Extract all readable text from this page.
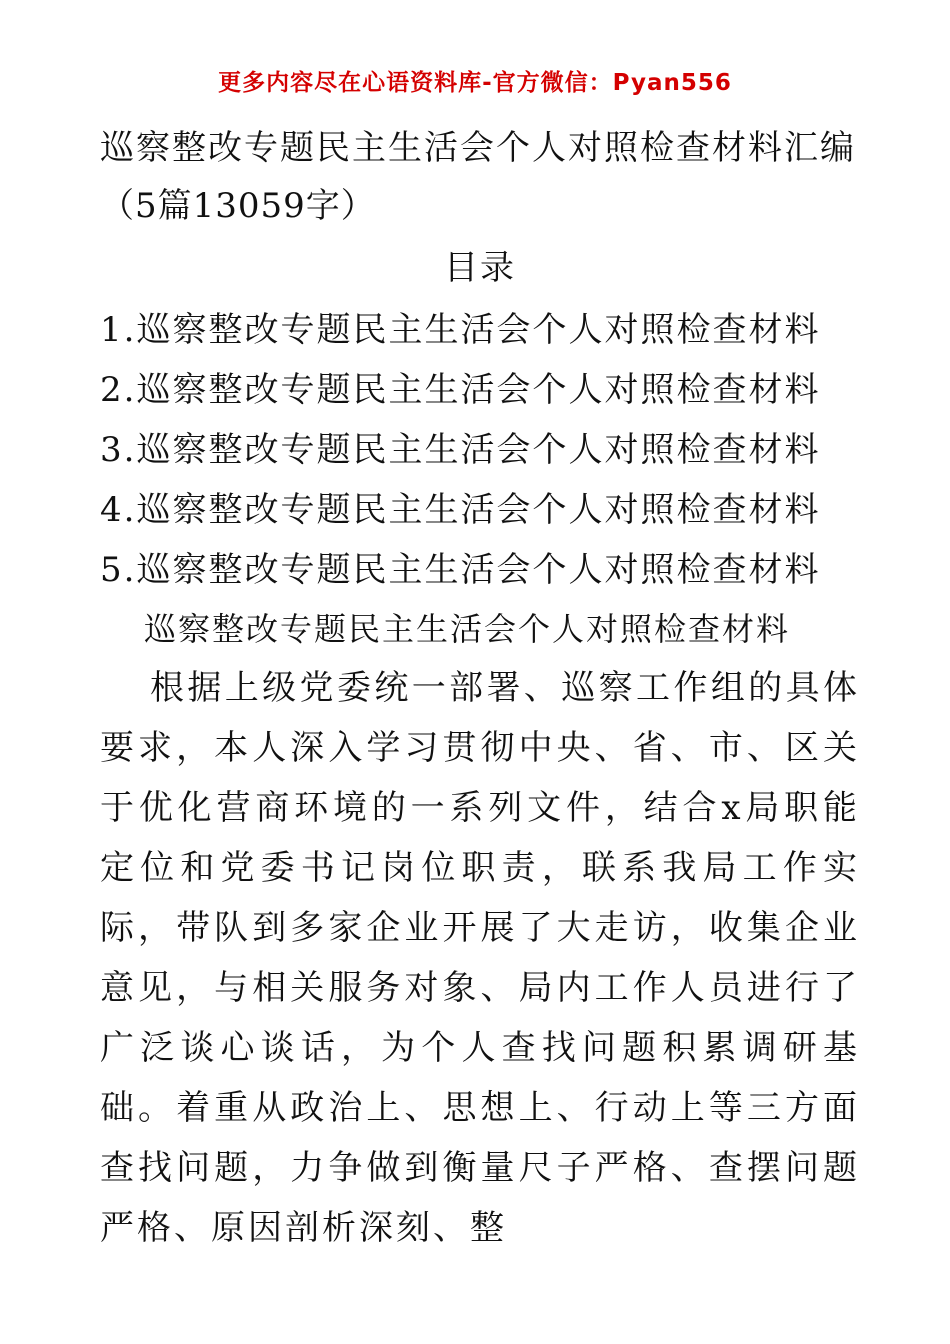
更多内容尽在心语资料库-官方微信：Pyan556
巡察整改专题民主生活会个人对照检查材料汇编
（5篇13059字）
目录
1.巡察整改专题民主生活会个人对照检查材料
2.巡察整改专题民主生活会个人对照检查材料
3.巡察整改专题民主生活会个人对照检查材料
4.巡察整改专题民主生活会个人对照检查材料
5.巡察整改专题民主生活会个人对照检查材料
巡察整改专题民主生活会个人对照检查材料

根据上级党委统一部署、巡察工作组的具体要求，本人深入学习贯彻中央、省、市、区关于优化营商环境的一系列文件，结合x局职能定位和党委书记岗位职责，联系我局工作实际，带队到多家企业开展了大走访，收集企业意见，与相关服务对象、局内工作人员进行了广泛谈心谈话，为个人查找问题积累调研基础。着重从政治上、思想上、行动上等三方面查找问题，力争做到衡量尺子严格、查摆问题严格、原因剖析深刻、整
